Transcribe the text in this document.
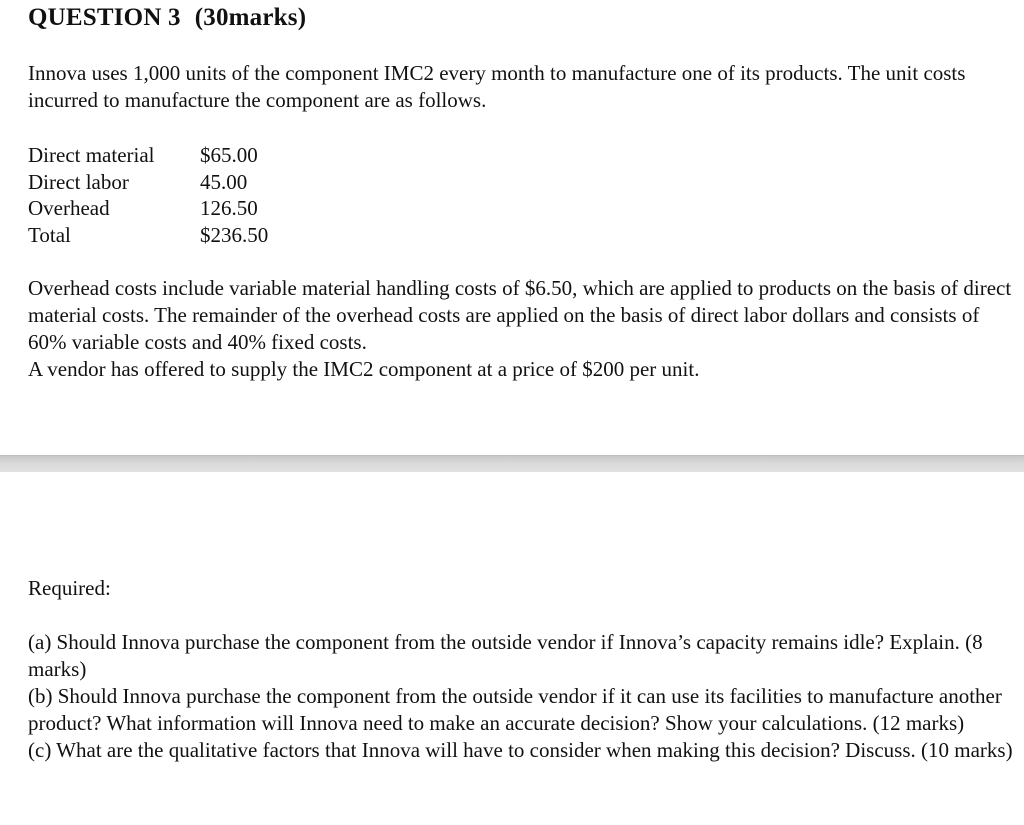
QUESTION 3 (30marks)

Innova uses 1,000 units of the component IMC2 every month to manufacture one of its products. The unit costs incurred to manufacture the component are as follows.

Direct material	$65.00
Direct labor	45.00
Overhead	126.50
Total	$236.50
Overhead costs include variable material handling costs of $6.50, which are applied to products on the basis of direct material costs. The remainder of the overhead costs are applied on the basis of direct labor dollars and consists of 60% variable costs and 40% fixed costs.
A vendor has offered to supply the IMC2 component at a price of $200 per unit.
Required:
(a) Should Innova purchase the component from the outside vendor if Innova’s capacity remains idle? Explain. (8 marks)
(b) Should Innova purchase the component from the outside vendor if it can use its facilities to manufacture another product? What information will Innova need to make an accurate decision? Show your calculations. (12 marks)
(c) What are the qualitative factors that Innova will have to consider when making this decision? Discuss. (10 marks)
